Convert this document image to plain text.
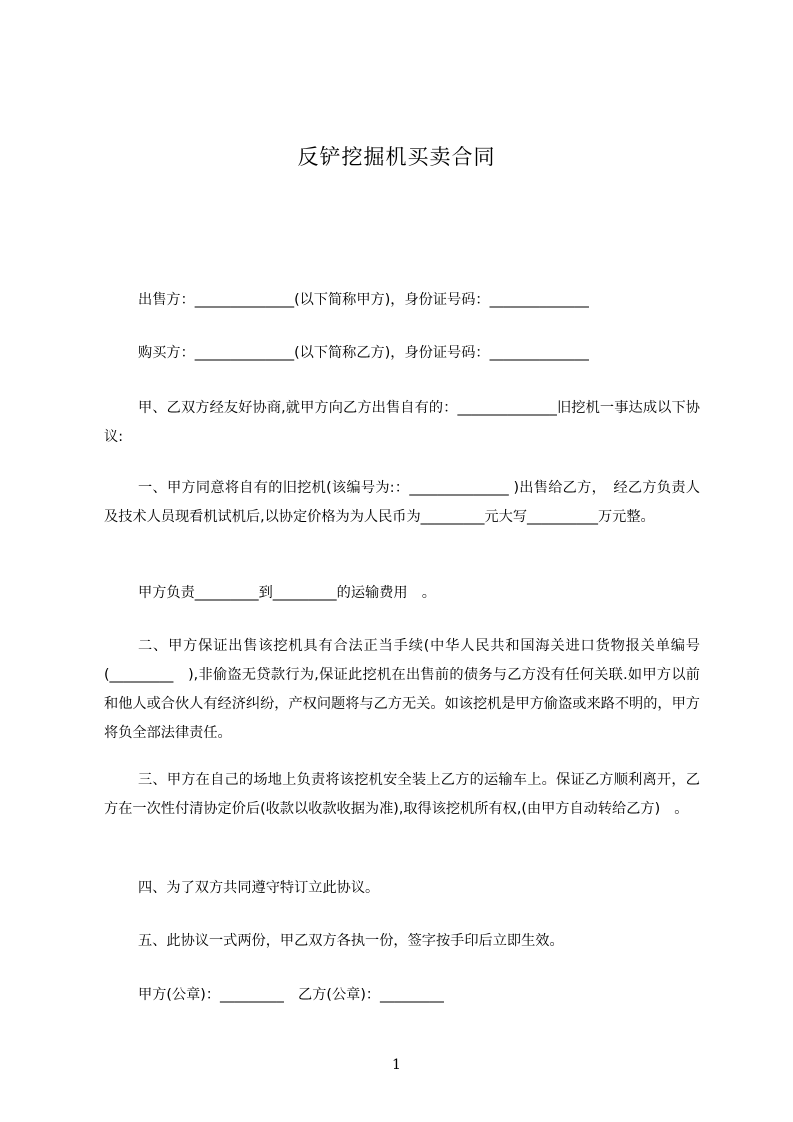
反铲挖掘机买卖合同

出售方：______________(以下简称甲方)，身份证号码：______________

购买方：______________(以下简称乙方)，身份证号码：______________

甲、乙双方经友好协商,就甲方向乙方出售自有的：______________旧挖机一事达成以下协议:

一、甲方同意将自有的旧挖机(该编号为:：______________ )出售给乙方，　经乙方负责人及技术人员现看机试机后,以协定价格为为人民币为_________元大写__________万元整。

甲方负责_________到_________的运输费用　。

二、甲方保证出售该挖机具有合法正当手续(中华人民共和国海关进口货物报关单编号(_________　),非偷盗无贷款行为,保证此挖机在出售前的债务与乙方没有任何关联.如甲方以前和他人或合伙人有经济纠纷，产权问题将与乙方无关。如该挖机是甲方偷盗或来路不明的，甲方将负全部法律责任。

三、甲方在自己的场地上负责将该挖机安全装上乙方的运输车上。保证乙方顺利离开，乙方在一次性付清协定价后(收款以收款收据为准),取得该挖机所有权,(由甲方自动转给乙方)　。

四、为了双方共同遵守特订立此协议。

五、此协议一式两份，甲乙双方各执一份，签字按手印后立即生效。

甲方(公章)：_________　乙方(公章)：_________

1
